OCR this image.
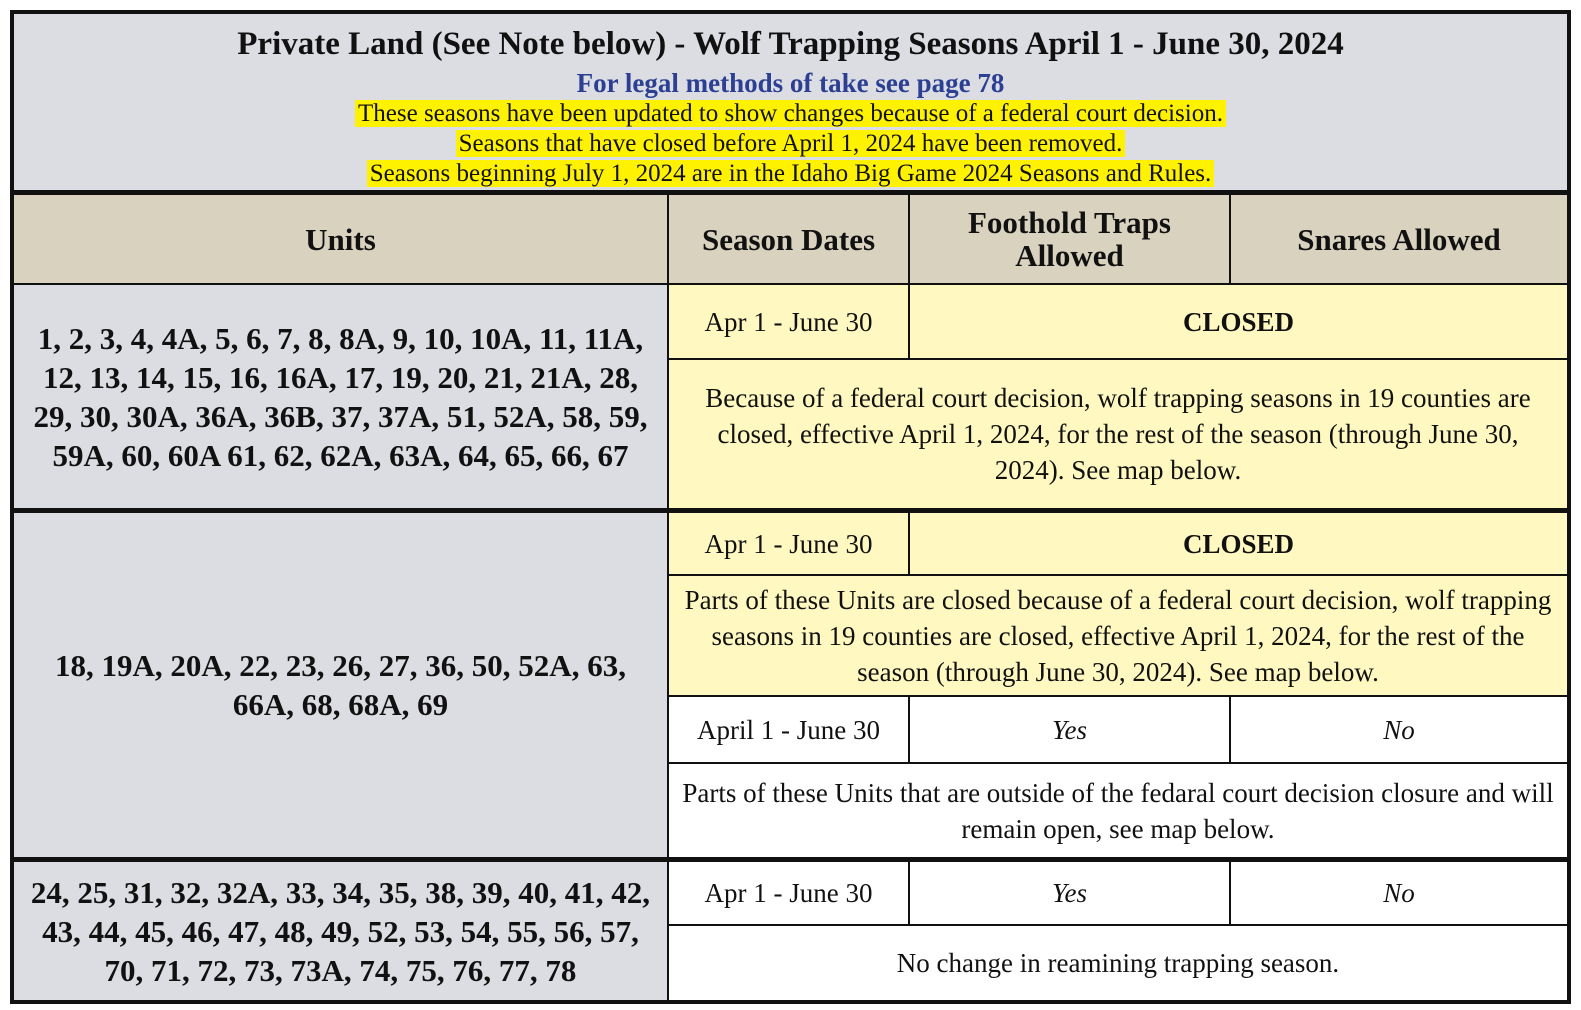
Private Land (See Note below) - Wolf Trapping Seasons April 1 - June 30, 2024
For legal methods of take see page 78
These seasons have been updated to show changes because of a federal court decision.
Seasons that have closed before April 1, 2024 have been removed.
Seasons beginning July 1, 2024 are in the Idaho Big Game 2024 Seasons and Rules.
Units	Season Dates	Foothold Traps Allowed	Snares Allowed
1, 2, 3, 4, 4A, 5, 6, 7, 8, 8A, 9, 10, 10A, 11, 11A, 12, 13, 14, 15, 16, 16A, 17, 19, 20, 21, 21A, 28, 29, 30, 30A, 36A, 36B, 37, 37A, 51, 52A, 58, 59, 59A, 60, 60A 61, 62, 62A, 63A, 64, 65, 66, 67
Apr 1 - June 30	CLOSED
Because of a federal court decision, wolf trapping seasons in 19 counties are closed, effective April 1, 2024, for the rest of the season (through June 30, 2024). See map below.
18, 19A, 20A, 22, 23, 26, 27, 36, 50, 52A, 63, 66A, 68, 68A, 69
Apr 1 - June 30	CLOSED
Parts of these Units are closed because of a federal court decision, wolf trapping seasons in 19 counties are closed, effective April 1, 2024, for the rest of the season (through June 30, 2024). See map below.
April 1 - June 30	Yes	No
Parts of these Units that are outside of the fedaral court decision closure and will remain open, see map below.
24, 25, 31, 32, 32A, 33, 34, 35, 38, 39, 40, 41, 42, 43, 44, 45, 46, 47, 48, 49, 52, 53, 54, 55, 56, 57, 70, 71, 72, 73, 73A, 74, 75, 76, 77, 78
Apr 1 - June 30	Yes	No
No change in reamining trapping season.
